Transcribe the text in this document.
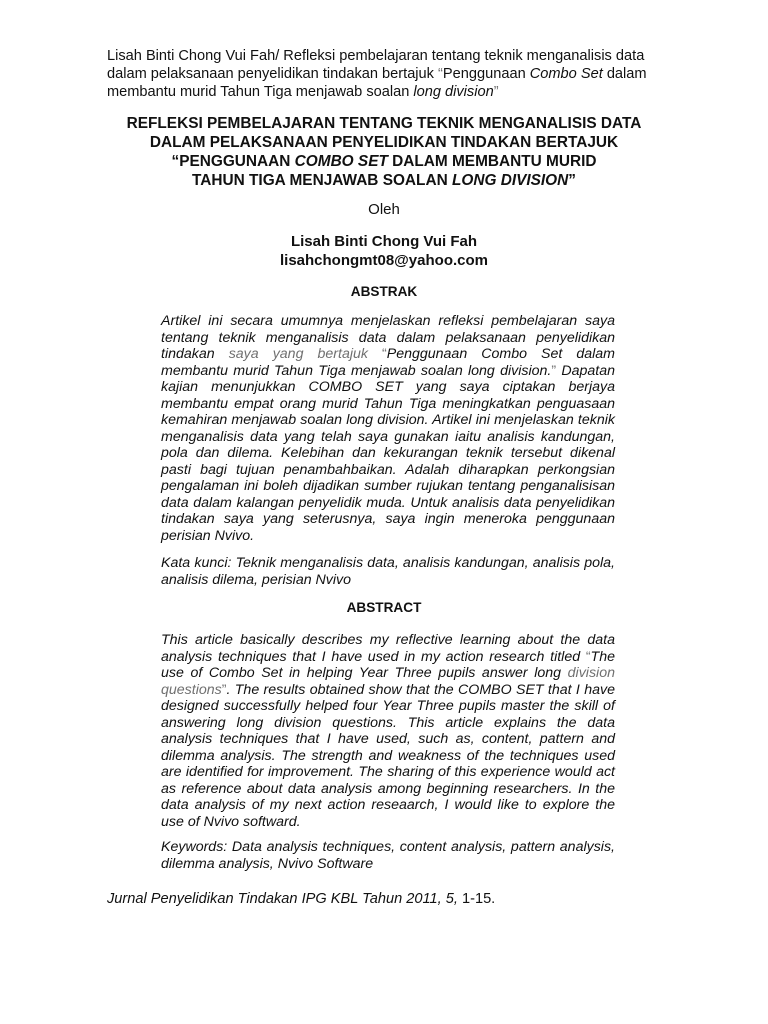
Lisah Binti Chong Vui Fah/ Refleksi pembelajaran tentang teknik menganalisis data
dalam pelaksanaan penyelidikan tindakan bertajuk “Penggunaan Combo Set dalam
membantu murid Tahun Tiga menjawab soalan long division”
REFLEKSI PEMBELAJARAN TENTANG TEKNIK MENGANALISIS DATA
DALAM PELAKSANAAN PENYELIDIKAN TINDAKAN BERTAJUK
“PENGGUNAAN COMBO SET DALAM MEMBANTU MURID
TAHUN TIGA MENJAWAB SOALAN LONG DIVISION”
Oleh
Lisah Binti Chong Vui Fah
lisahchongmt08@yahoo.com
ABSTRAK
Artikel ini secara umumnya menjelaskan refleksi pembelajaran saya tentang teknik menganalisis data dalam pelaksanaan penyelidikan tindakan saya yang bertajuk “Penggunaan Combo Set dalam membantu murid Tahun Tiga menjawab soalan long division.” Dapatan kajian menunjukkan COMBO SET yang saya ciptakan berjaya membantu empat orang murid Tahun Tiga meningkatkan penguasaan kemahiran menjawab soalan long division. Artikel ini menjelaskan teknik menganalisis data yang telah saya gunakan iaitu analisis kandungan, pola dan dilema. Kelebihan dan kekurangan teknik tersebut dikenal pasti bagi tujuan penambahbaikan. Adalah diharapkan perkongsian pengalaman ini boleh dijadikan sumber rujukan tentang penganalisisan data dalam kalangan penyelidik muda. Untuk analisis data penyelidikan tindakan saya yang seterusnya, saya ingin meneroka penggunaan perisian Nvivo.
Kata kunci: Teknik menganalisis data, analisis kandungan, analisis pola, analisis dilema, perisian Nvivo
ABSTRACT
This article basically describes my reflective learning about the data analysis techniques that I have used in my action research titled “The use of Combo Set in helping Year Three pupils answer long division questions”. The results obtained show that the COMBO SET that I have designed successfully helped four Year Three pupils master the skill of answering long division questions. This article explains the data analysis techniques that I have used, such as, content, pattern and dilemma analysis. The strength and weakness of the techniques used are identified for improvement. The sharing of this experience would act as reference about data analysis among beginning researchers. In the data analysis of my next action reseaarch, I would like to explore the use of Nvivo softward.
Keywords: Data analysis techniques, content analysis, pattern analysis, dilemma analysis, Nvivo Software
Jurnal Penyelidikan Tindakan IPG KBL Tahun 2011, 5, 1-15.
